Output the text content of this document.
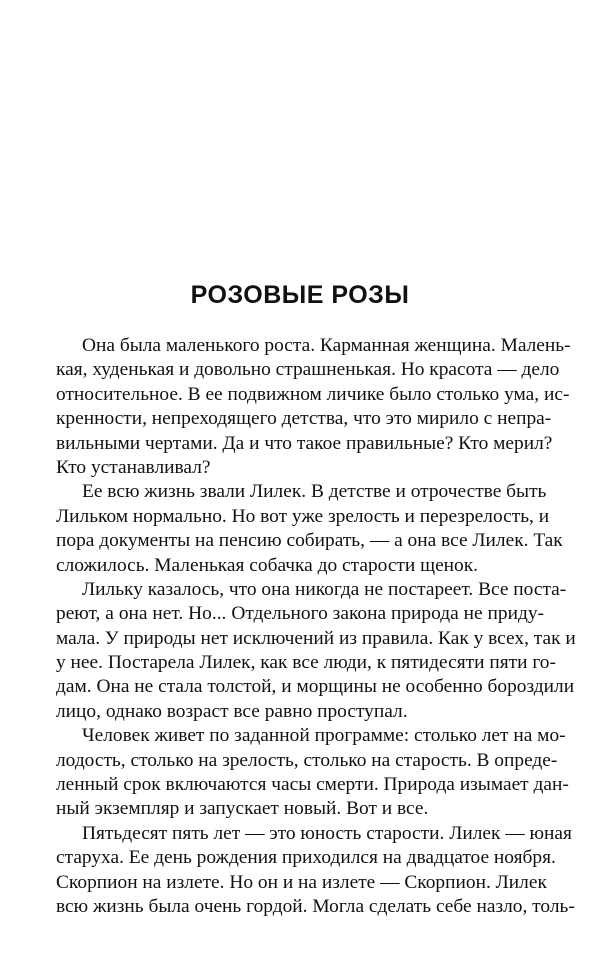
РОЗОВЫЕ РОЗЫ
Она была маленького роста. Карманная женщина. Малень-
кая, худенькая и довольно страшненькая. Но красота — дело
относительное. В ее подвижном личике было столько ума, ис-
кренности, непреходящего детства, что это мирило с непра-
вильными чертами. Да и что такое правильные? Кто мерил?
Кто устанавливал?
Ее всю жизнь звали Лилек. В детстве и отрочестве быть
Лильком нормально. Но вот уже зрелость и перезрелость, и
пора документы на пенсию собирать, — а она все Лилек. Так
сложилось. Маленькая собачка до старости щенок.
Лильку казалось, что она никогда не постареет. Все поста-
реют, а она нет. Но... Отдельного закона природа не приду-
мала. У природы нет исключений из правила. Как у всех, так и
у нее. Постарела Лилек, как все люди, к пятидесяти пяти го-
дам. Она не стала толстой, и морщины не особенно бороздили
лицо, однако возраст все равно проступал.
Человек живет по заданной программе: столько лет на мо-
лодость, столько на зрелость, столько на старость. В опреде-
ленный срок включаются часы смерти. Природа изымает дан-
ный экземпляр и запускает новый. Вот и все.
Пятьдесят пять лет — это юность старости. Лилек — юная
старуха. Ее день рождения приходился на двадцатое ноября.
Скорпион на излете. Но он и на излете — Скорпион. Лилек
всю жизнь была очень гордой. Могла сделать себе назло, толь-
